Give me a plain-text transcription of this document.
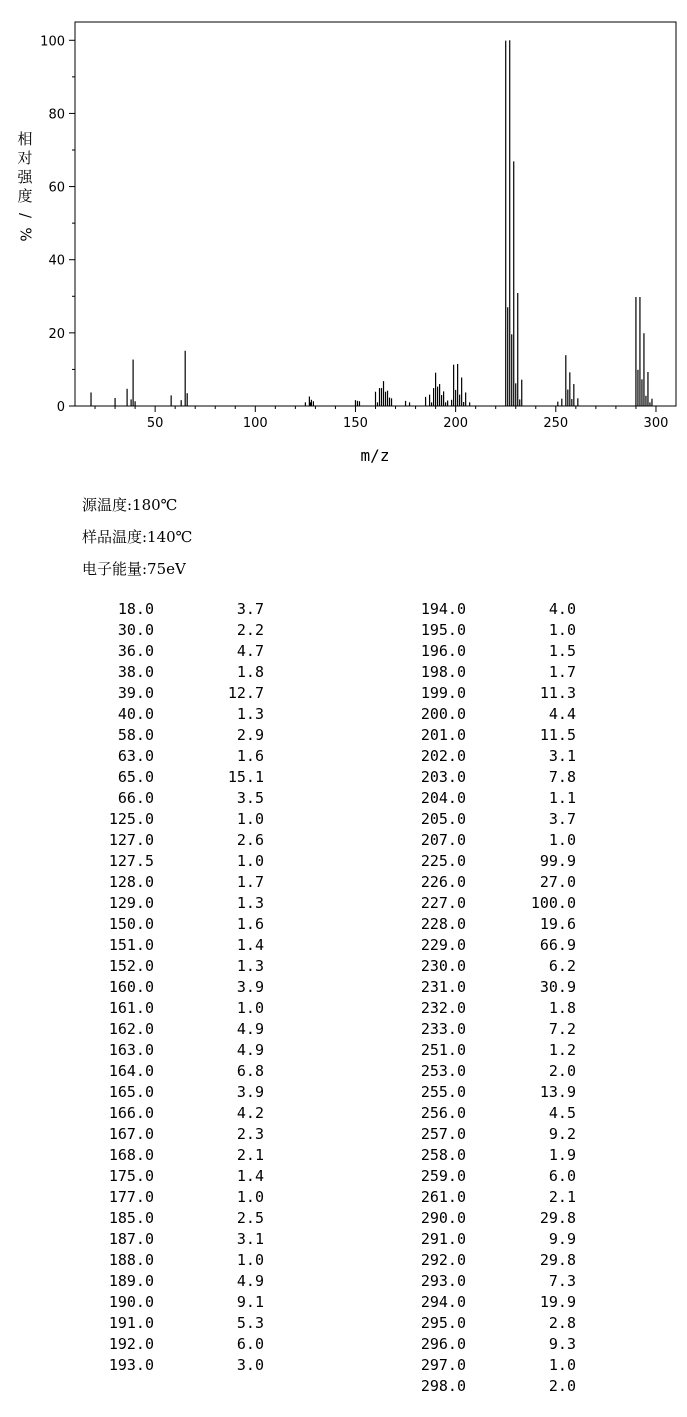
0
20
40
60
80
100
50	100	150	200	250	300
m/z
相
对
强
度
/
%
源温度:180℃
样品温度:140℃
电子能量:75eV
18.0	3.7
30.0	2.2
36.0	4.7
38.0	1.8
39.0	12.7
40.0	1.3
58.0	2.9
63.0	1.6
65.0	15.1
66.0	3.5
125.0	1.0
127.0	2.6
127.5	1.0
128.0	1.7
129.0	1.3
150.0	1.6
151.0	1.4
152.0	1.3
160.0	3.9
161.0	1.0
162.0	4.9
163.0	4.9
164.0	6.8
165.0	3.9
166.0	4.2
167.0	2.3
168.0	2.1
175.0	1.4
177.0	1.0
185.0	2.5
187.0	3.1
188.0	1.0
189.0	4.9
190.0	9.1
191.0	5.3
192.0	6.0
193.0	3.0
194.0	4.0
195.0	1.0
196.0	1.5
198.0	1.7
199.0	11.3
200.0	4.4
201.0	11.5
202.0	3.1
203.0	7.8
204.0	1.1
205.0	3.7
207.0	1.0
225.0	99.9
226.0	27.0
227.0	100.0
228.0	19.6
229.0	66.9
230.0	6.2
231.0	30.9
232.0	1.8
233.0	7.2
251.0	1.2
253.0	2.0
255.0	13.9
256.0	4.5
257.0	9.2
258.0	1.9
259.0	6.0
261.0	2.1
290.0	29.8
291.0	9.9
292.0	29.8
293.0	7.3
294.0	19.9
295.0	2.8
296.0	9.3
297.0	1.0
298.0	2.0
